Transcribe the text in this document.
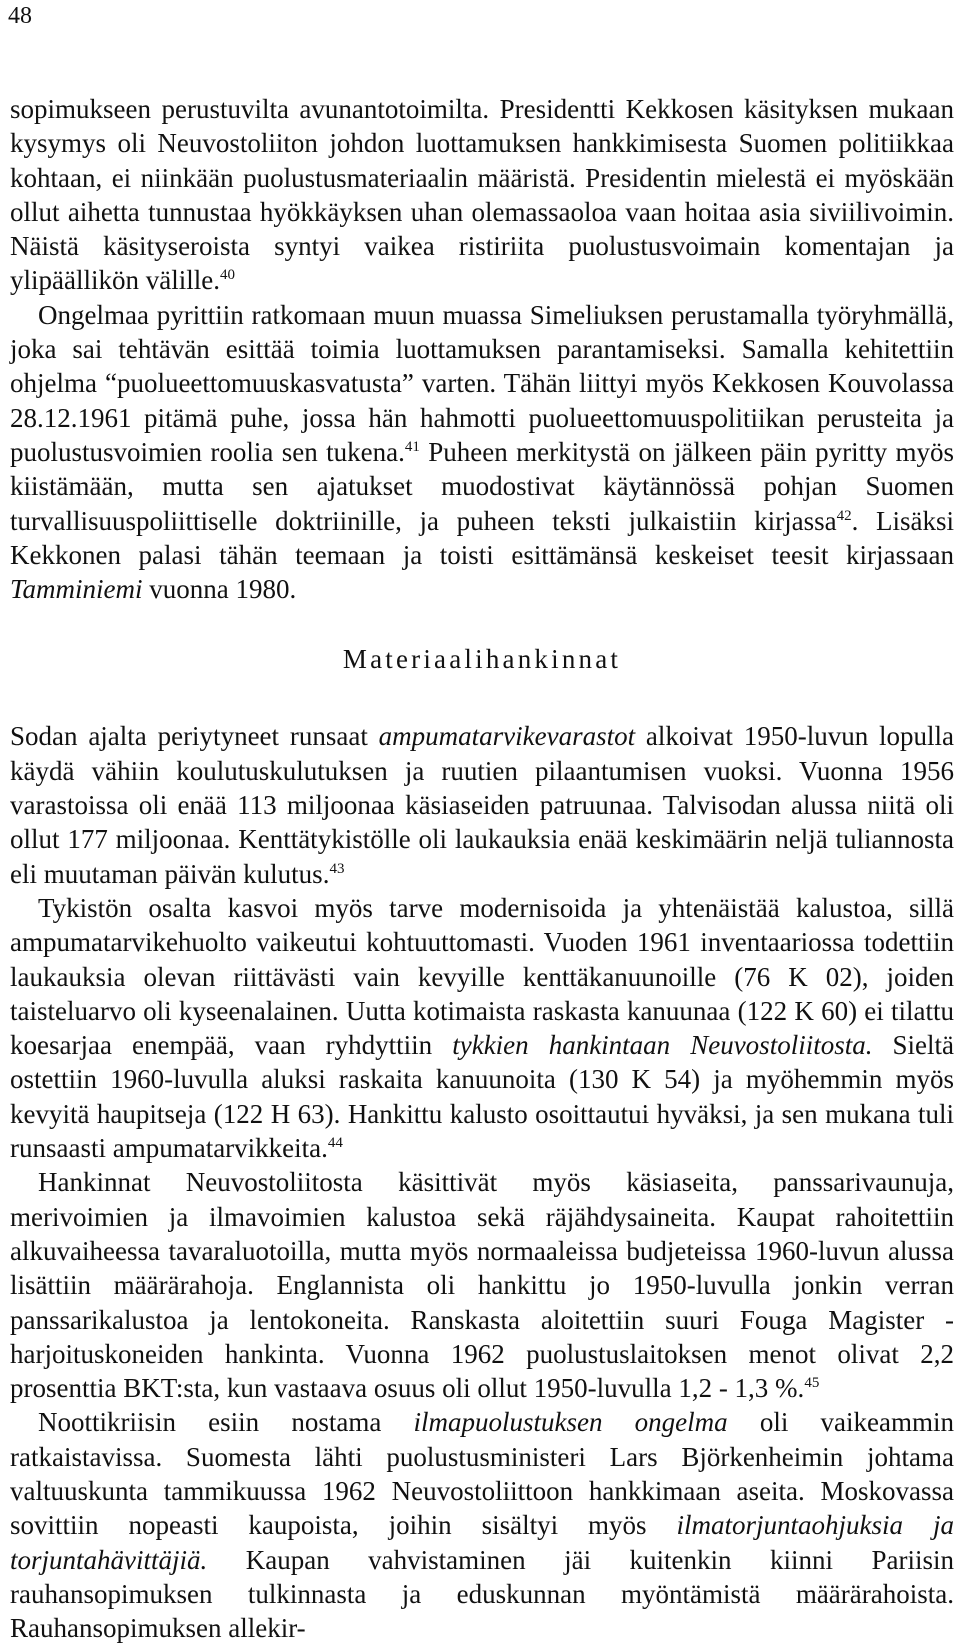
48

sopimukseen perustuvilta avunantotoimilta. Presidentti Kekkosen käsityksen mukaan kysymys oli Neuvostoliiton johdon luottamuksen hankkimisesta Suomen politiikkaa kohtaan, ei niinkään puolustusmateriaalin määristä. Presidentin mielestä ei myöskään ollut aihetta tunnustaa hyökkäyksen uhan olemassaoloa vaan hoitaa asia siviilivoimin. Näistä käsityseroista syntyi vaikea ristiriita puolustusvoimain komentajan ja ylipäällikön välille.$^{40}$

Ongelmaa pyrittiin ratkomaan muun muassa Simeliuksen perustamalla työryhmällä, joka sai tehtävän esittää toimia luottamuksen parantamiseksi. Samalla kehitettiin ohjelma “puolueettomuuskasvatusta” varten. Tähän liittyi myös Kekkosen Kouvolassa 28.12.1961 pitämä puhe, jossa hän hahmotti puolueettomuuspolitiikan perusteita ja puolustusvoimien roolia sen tukena.$^{41}$ Puheen merkitystä on jälkeen päin pyritty myös kiistämään, mutta sen ajatukset muodostivat käytännössä pohjan Suomen turvallisuuspoliittiselle doktriinille, ja puheen teksti julkaistiin kirjassa$^{42}$. Lisäksi Kekkonen palasi tähän teemaan ja toisti esittämänsä keskeiset teesit kirjassaan Tamminiemi vuonna 1980.

Materiaalihankinnat

Sodan ajalta periytyneet runsaat ampumatarvikevarastot alkoivat 1950-luvun lopulla käydä vähiin koulutuskulutuksen ja ruutien pilaantumisen vuoksi. Vuonna 1956 varastoissa oli enää 113 miljoonaa käsiaseiden patruunaa. Talvisodan alussa niitä oli ollut 177 miljoonaa. Kenttätykistölle oli laukauksia enää keskimäärin neljä tuliannosta eli muutaman päivän kulutus.$^{43}$

Tykistön osalta kasvoi myös tarve modernisoida ja yhtenäistää kalustoa, sillä ampumatarvikehuolto vaikeutui kohtuuttomasti. Vuoden 1961 inventaariossa todettiin laukauksia olevan riittävästi vain kevyille kenttäkanuunoille (76 K 02), joiden taisteluarvo oli kyseenalainen. Uutta kotimaista raskasta kanuunaa (122 K 60) ei tilattu koesarjaa enempää, vaan ryhdyttiin tykkien hankintaan Neuvostoliitosta. Sieltä ostettiin 1960-luvulla aluksi raskaita kanuunoita (130 K 54) ja myöhemmin myös kevyitä haupitseja (122 H 63). Hankittu kalusto osoittautui hyväksi, ja sen mukana tuli runsaasti ampumatarvikkeita.$^{44}$

Hankinnat Neuvostoliitosta käsittivät myös käsiaseita, panssarivaunuja, merivoimien ja ilmavoimien kalustoa sekä räjähdysaineita. Kaupat rahoitettiin alkuvaiheessa tavaraluotoilla, mutta myös normaaleissa budjeteissa 1960-luvun alussa lisättiin määrärahoja. Englannista oli hankittu jo 1950-luvulla jonkin verran panssarikalustoa ja lentokoneita. Ranskasta aloitettiin suuri Fouga Magister -harjoituskoneiden hankinta. Vuonna 1962 puolustuslaitoksen menot olivat 2,2 prosenttia BKT:sta, kun vastaava osuus oli ollut 1950-luvulla 1,2 - 1,3 %.$^{45}$

Noottikriisin esiin nostama ilmapuolustuksen ongelma oli vaikeammin ratkaistavissa. Suomesta lähti puolustusministeri Lars Björkenheimin johtama valtuuskunta tammikuussa 1962 Neuvostoliittoon hankkimaan aseita. Moskovassa sovittiin nopeasti kaupoista, joihin sisältyi myös ilmatorjuntaohjuksia ja torjuntahävittäjiä. Kaupan vahvistaminen jäi kuitenkin kiinni Pariisin rauhansopimuksen tulkinnasta ja eduskunnan myöntämistä määrärahoista. Rauhansopimuksen allekir-
